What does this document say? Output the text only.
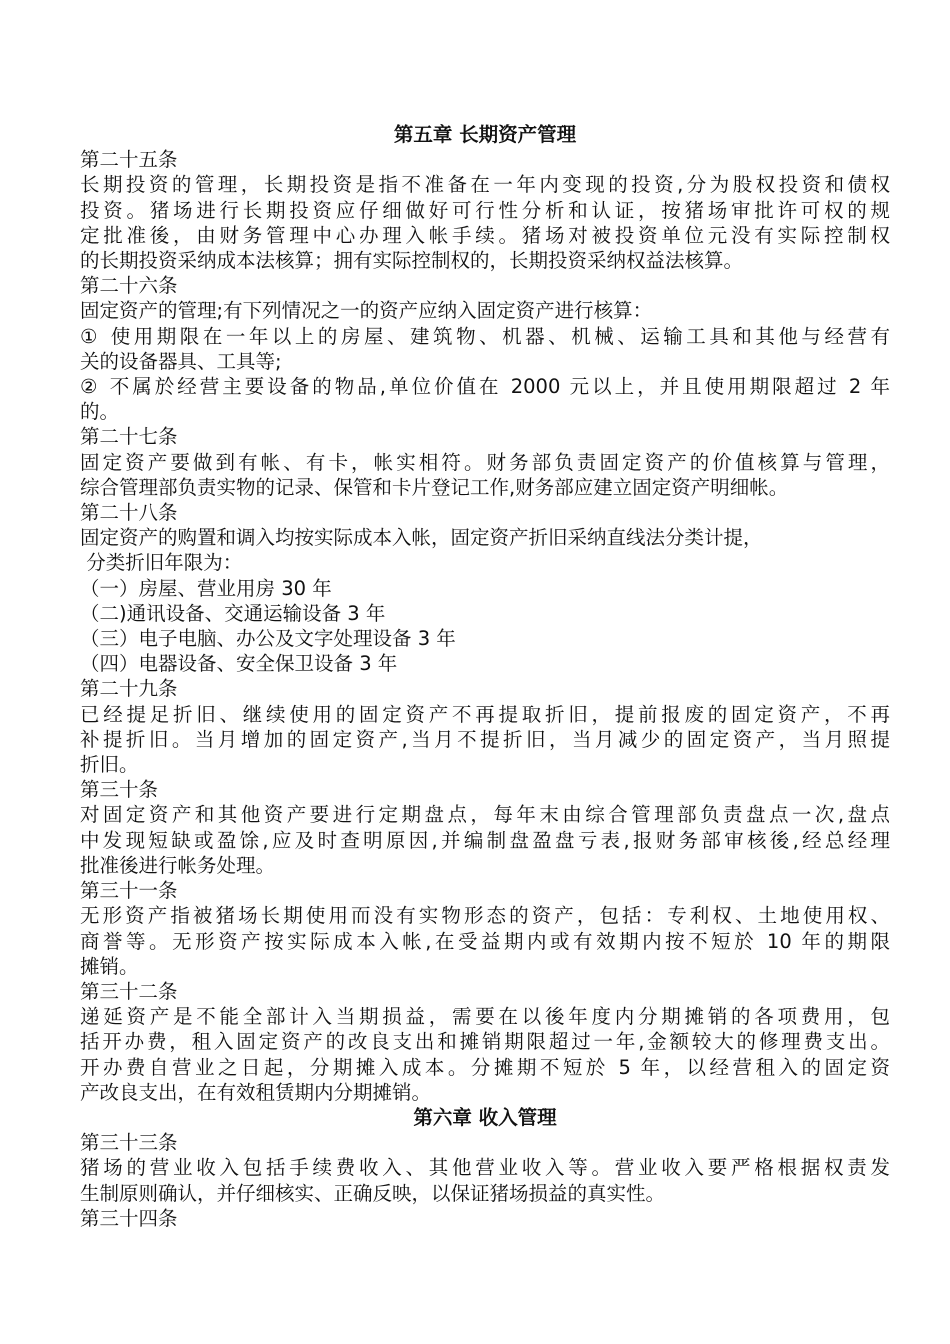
第五章 长期资产管理
第二十五条
长期投资的管理，长期投资是指不准备在一年内变现的投资,分为股权投资和债权
投资。猪场进行长期投资应仔细做好可行性分析和认证，按猪场审批许可权的规
定批准後，由财务管理中心办理入帐手续。猪场对被投资单位元没有实际控制权
的长期投资采纳成本法核算；拥有实际控制权的，长期投资采纳权益法核算。
第二十六条
固定资产的管理;有下列情况之一的资产应纳入固定资产进行核算：
① 使用期限在一年以上的房屋、建筑物、机器、机械、运输工具和其他与经营有
关的设备器具、工具等;
② 不属於经营主要设备的物品,单位价值在 2000 元以上，并且使用期限超过 2 年
的。
第二十七条
固定资产要做到有帐、有卡，帐实相符。财务部负责固定资产的价值核算与管理，
综合管理部负责实物的记录、保管和卡片登记工作,财务部应建立固定资产明细帐。
第二十八条
固定资产的购置和调入均按实际成本入帐，固定资产折旧采纳直线法分类计提，
分类折旧年限为：
（一）房屋、营业用房 30 年
（二)通讯设备、交通运输设备 3 年
（三）电子电脑、办公及文字处理设备 3 年
（四）电器设备、安全保卫设备 3 年
第二十九条
已经提足折旧、继续使用的固定资产不再提取折旧，提前报废的固定资产，不再
补提折旧。当月增加的固定资产,当月不提折旧，当月减少的固定资产，当月照提
折旧。
第三十条
对固定资产和其他资产要进行定期盘点，每年末由综合管理部负责盘点一次,盘点
中发现短缺或盈馀,应及时查明原因,并编制盘盈盘亏表,报财务部审核後,经总经理
批准後进行帐务处理。
第三十一条
无形资产指被猪场长期使用而没有实物形态的资产，包括：专利权、土地使用权、
商誉等。无形资产按实际成本入帐,在受益期内或有效期内按不短於 10 年的期限
摊销。
第三十二条
递延资产是不能全部计入当期损益，需要在以後年度内分期摊销的各项费用，包
括开办费，租入固定资产的改良支出和摊销期限超过一年,金额较大的修理费支出。
开办费自营业之日起，分期摊入成本。分摊期不短於 5 年，以经营租入的固定资
产改良支出，在有效租赁期内分期摊销。
第六章 收入管理
第三十三条
猪场的营业收入包括手续费收入、其他营业收入等。营业收入要严格根据权责发
生制原则确认，并仔细核实、正确反映，以保证猪场损益的真实性。
第三十四条
